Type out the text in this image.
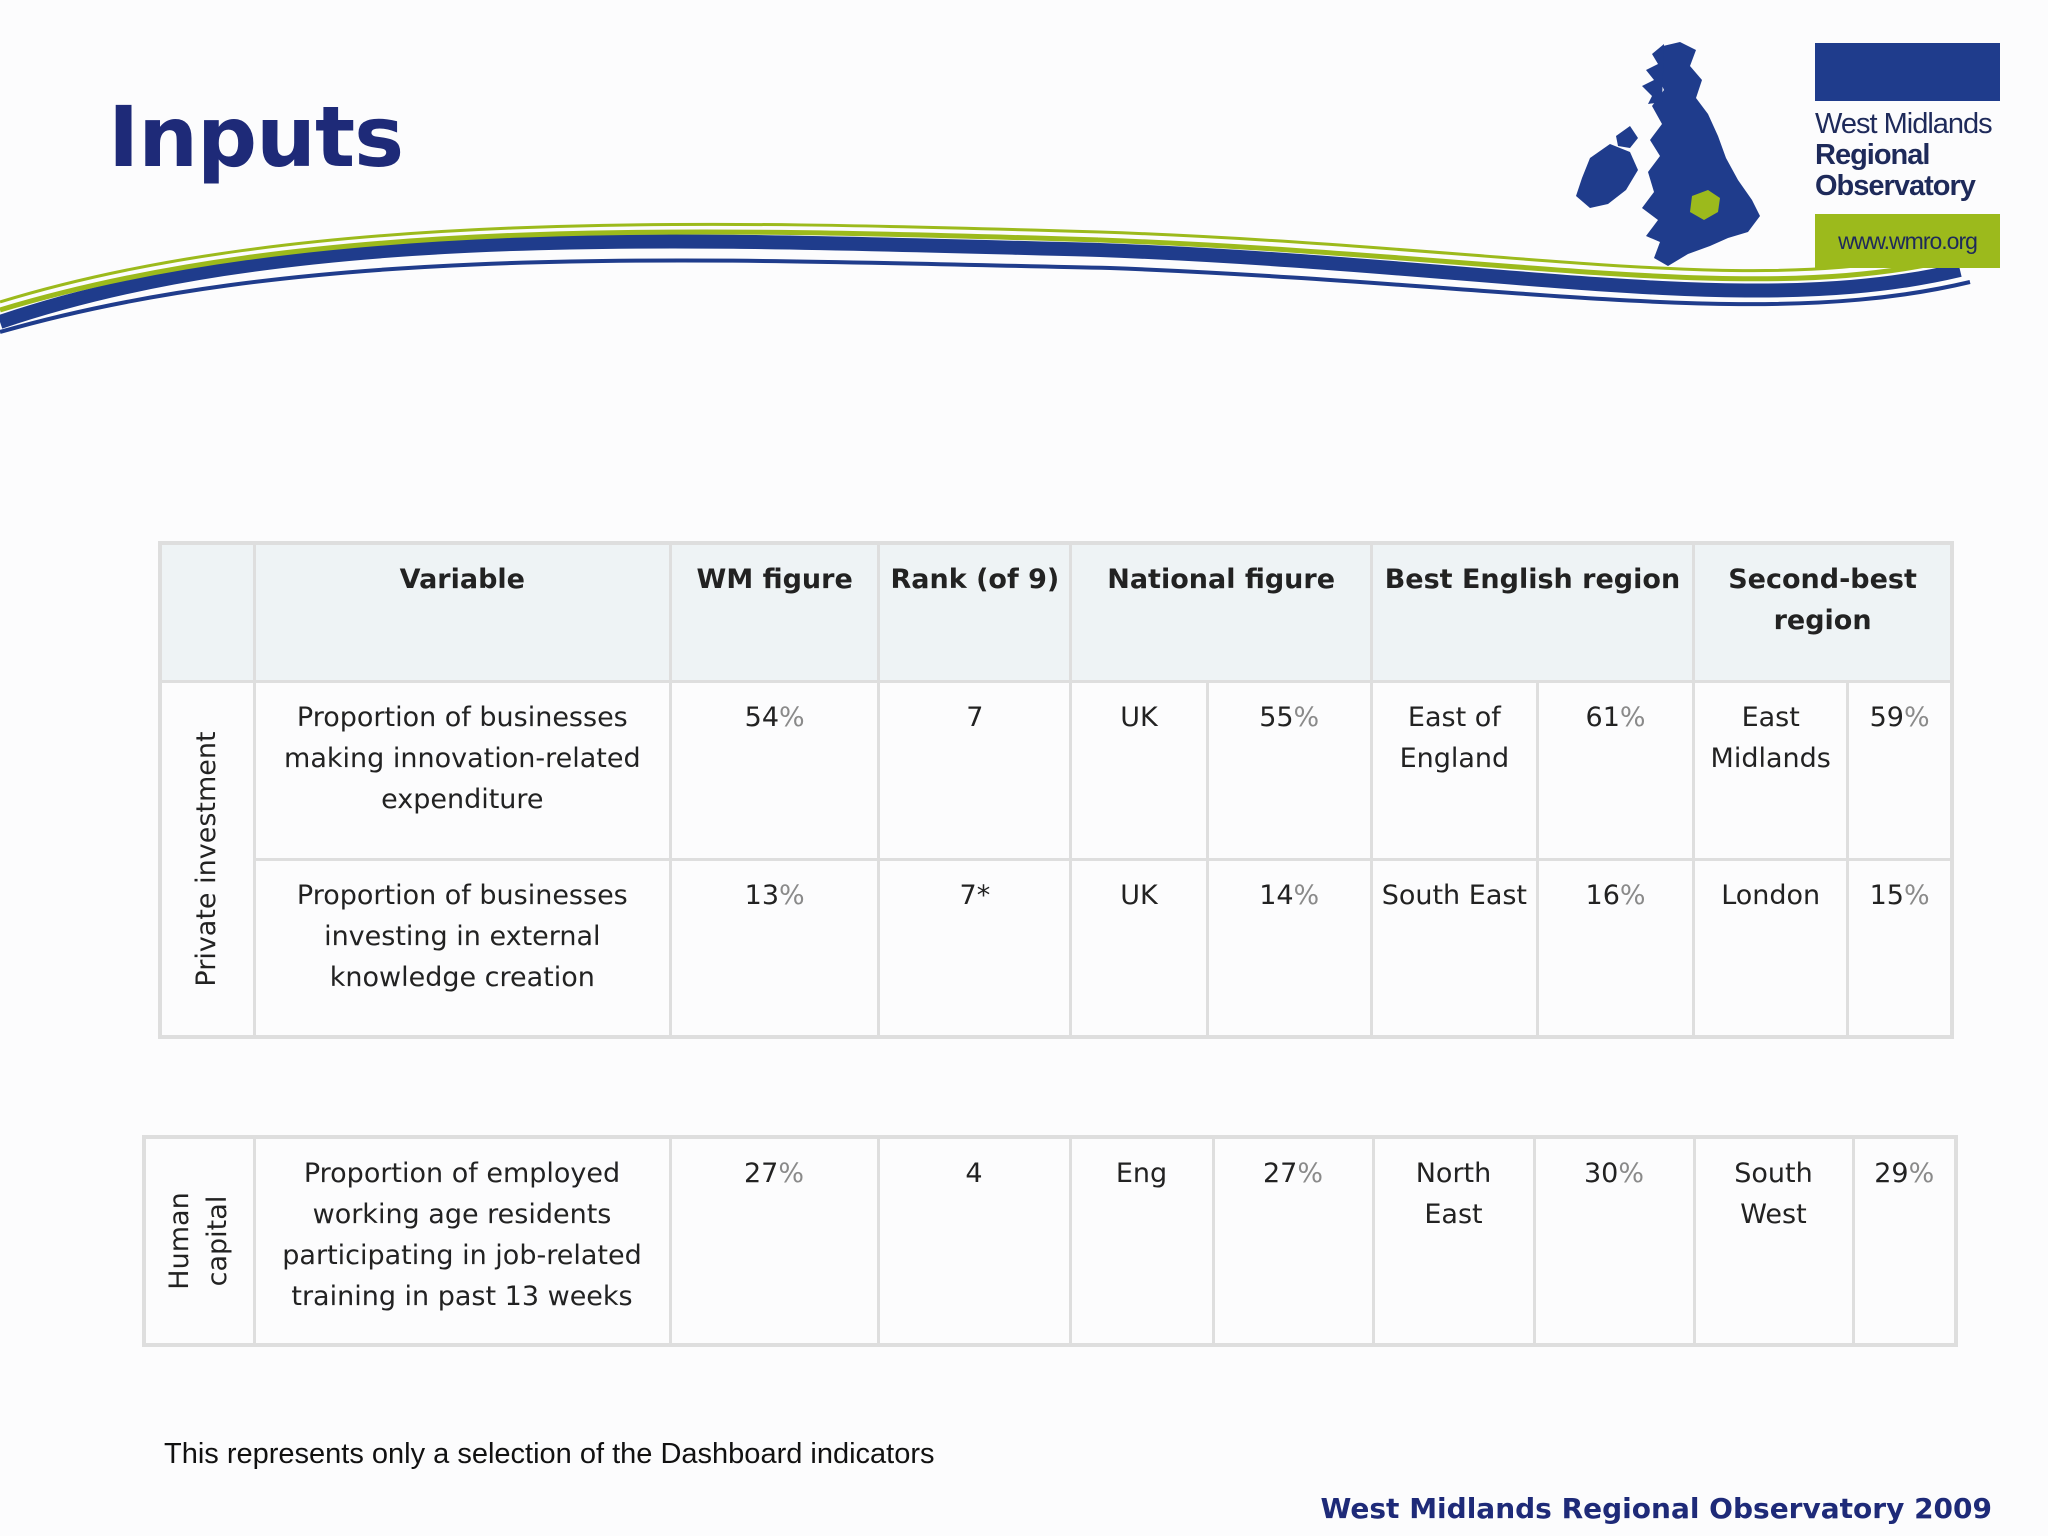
Inputs	West Midlands
Regional
Observatory
www.wmro.org
	Variable	WM figure	Rank (of 9)	National figure		Best English region		Second-best region	

Private investment	Proportion of businesses making innovation-related expenditure	54%	7	UK	55%	East of England	61%	East Midlands	59%
	Proportion of businesses investing in external knowledge creation	13%	7*	UK	14%	South East	16%	London	15%
Human capital
	Proportion of employed working age residents participating in job-related training in past 13 weeks	27%	4	Eng	27%	North East	30%	South West	29%

This represents only a selection of the Dashboard indicators

West Midlands Regional Observatory 2009
